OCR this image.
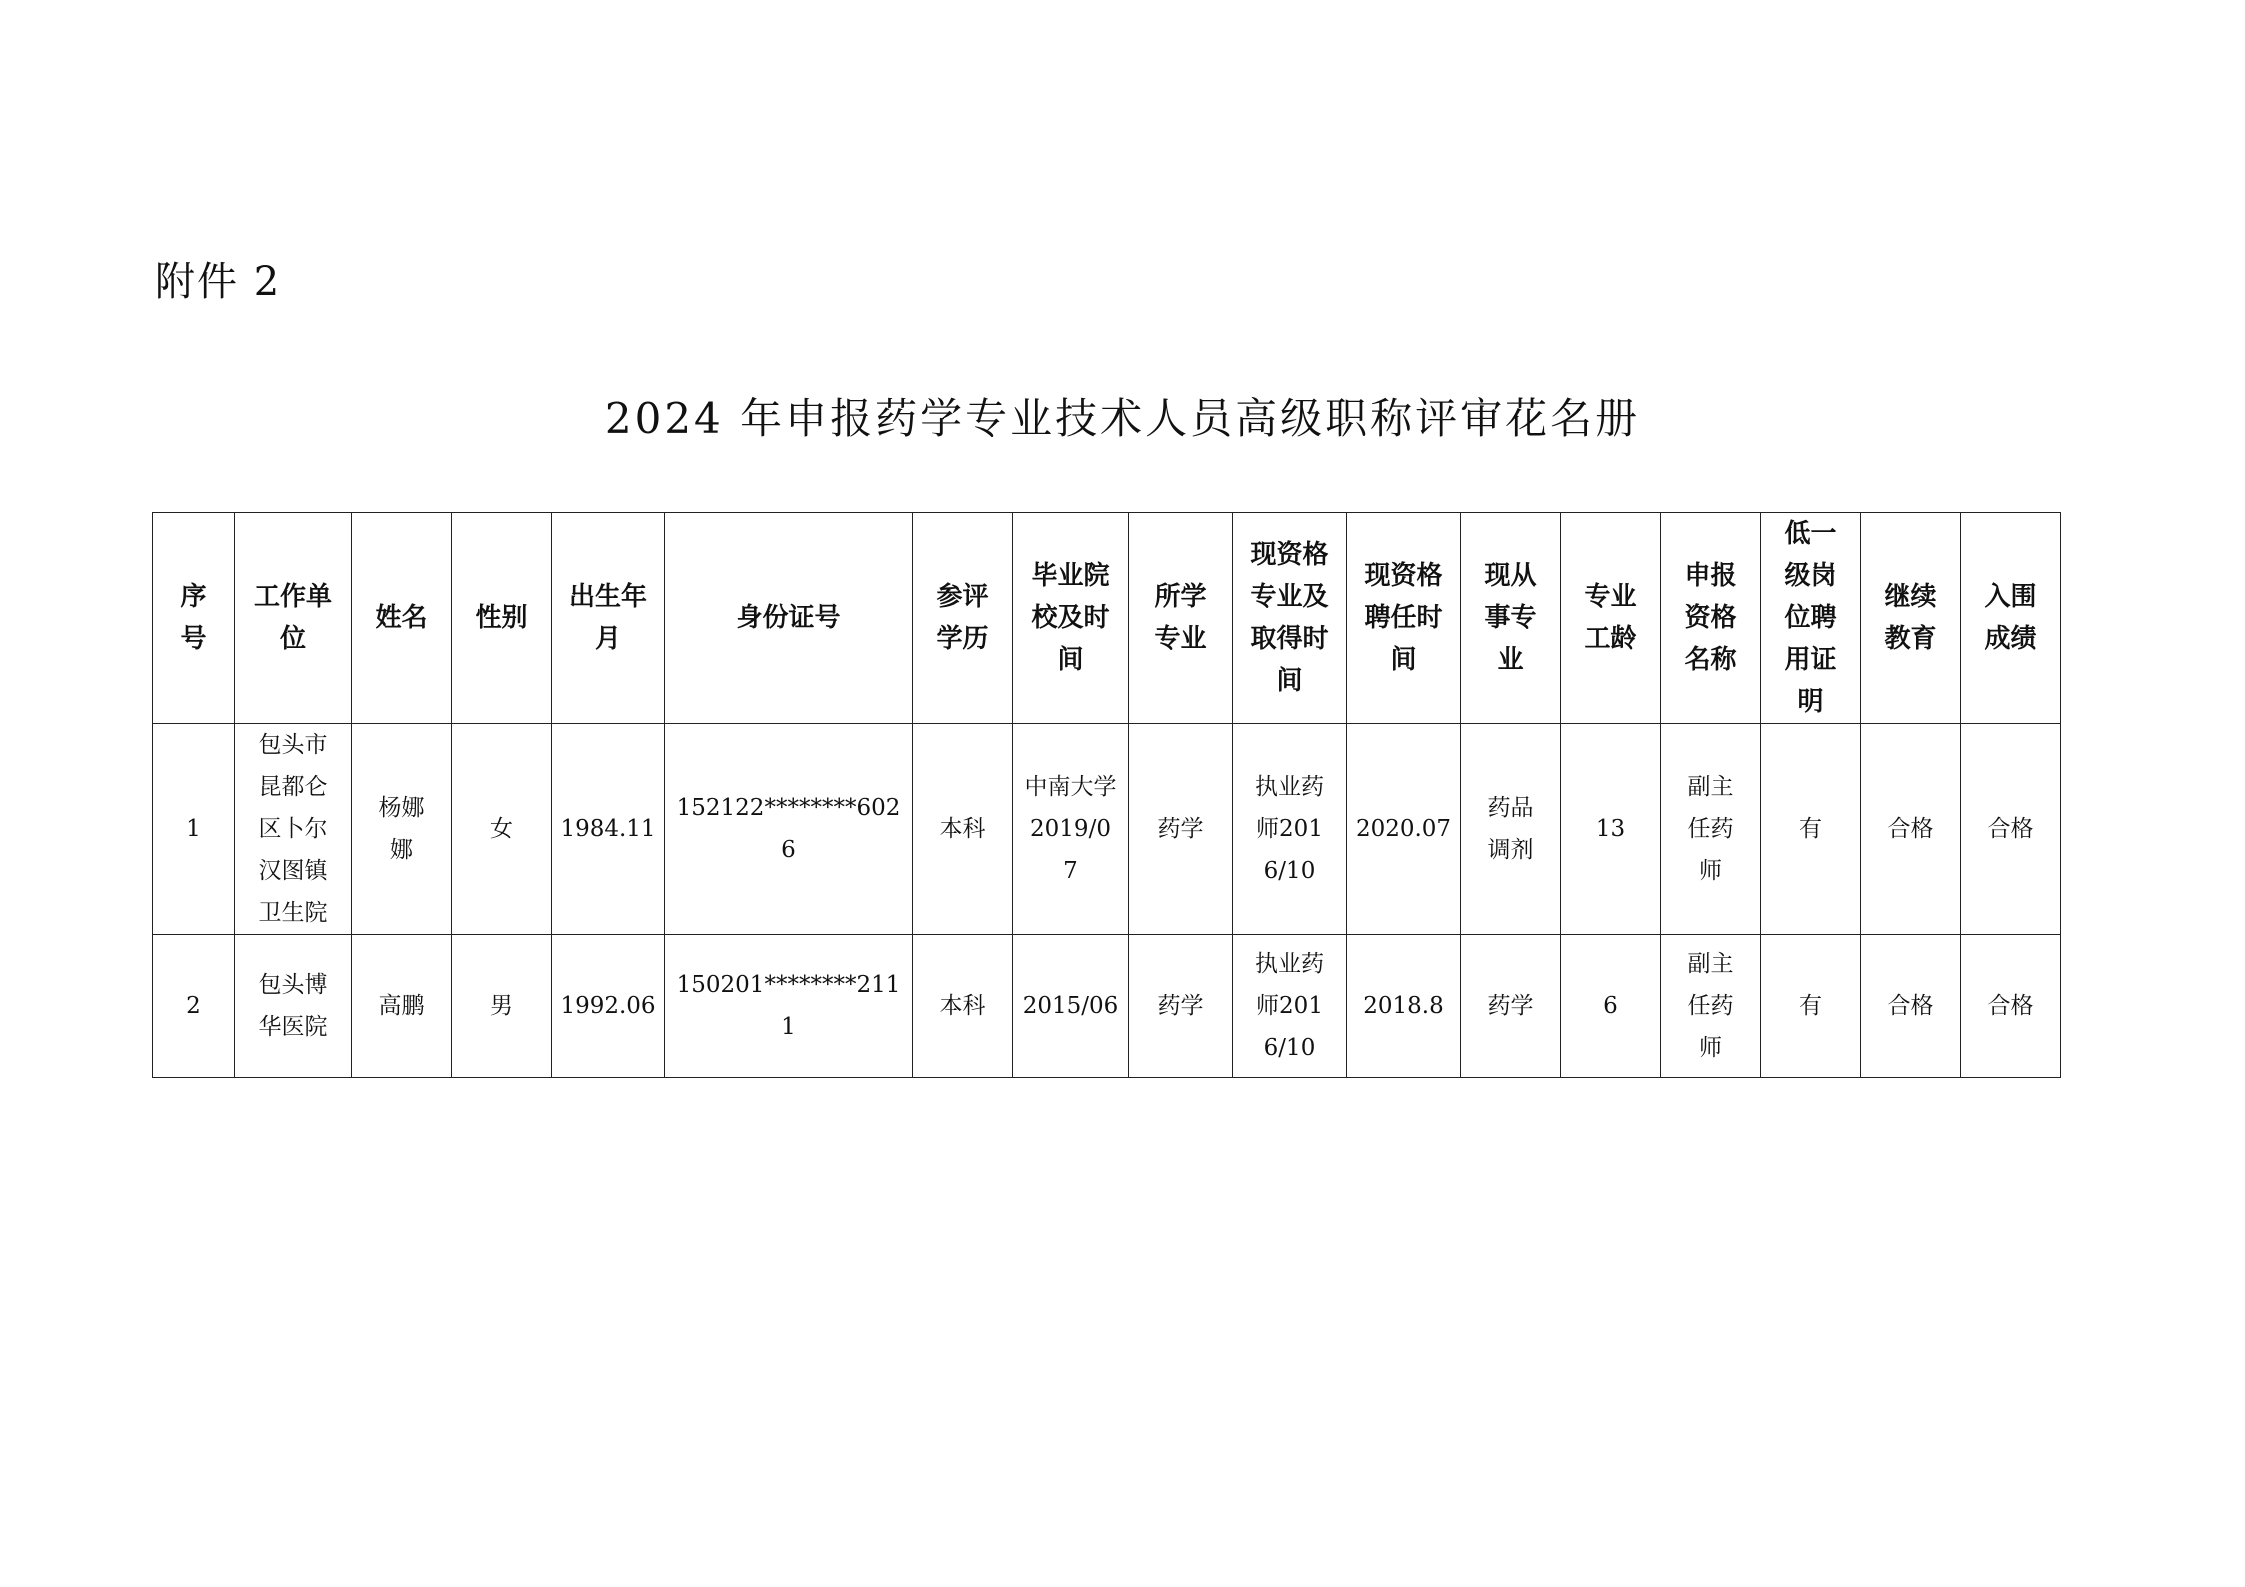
附件 2
2024 年申报药学专业技术人员高级职称评审花名册
序号	工作单位	姓名	性别	出生年月	身份证号	参评学历	毕业院校及时间	所学专业	现资格专业及取得时间	现资格聘任时间	现从事专业	专业工龄	申报资格名称	低一级岗位聘用证明	继续教育	入围成绩
1	包头市昆都仑区卜尔汉图镇卫生院	杨娜娜	女	1984.11	152122********6026	本科	中南大学2019/07	药学	执业药师2016/10	2020.07	药品调剂	13	副主任药师	有	合格	合格
2	包头博华医院	高鹏	男	1992.06	150201********2111	本科	2015/06	药学	执业药师2016/10	2018.8	药学	6	副主任药师	有	合格	合格
